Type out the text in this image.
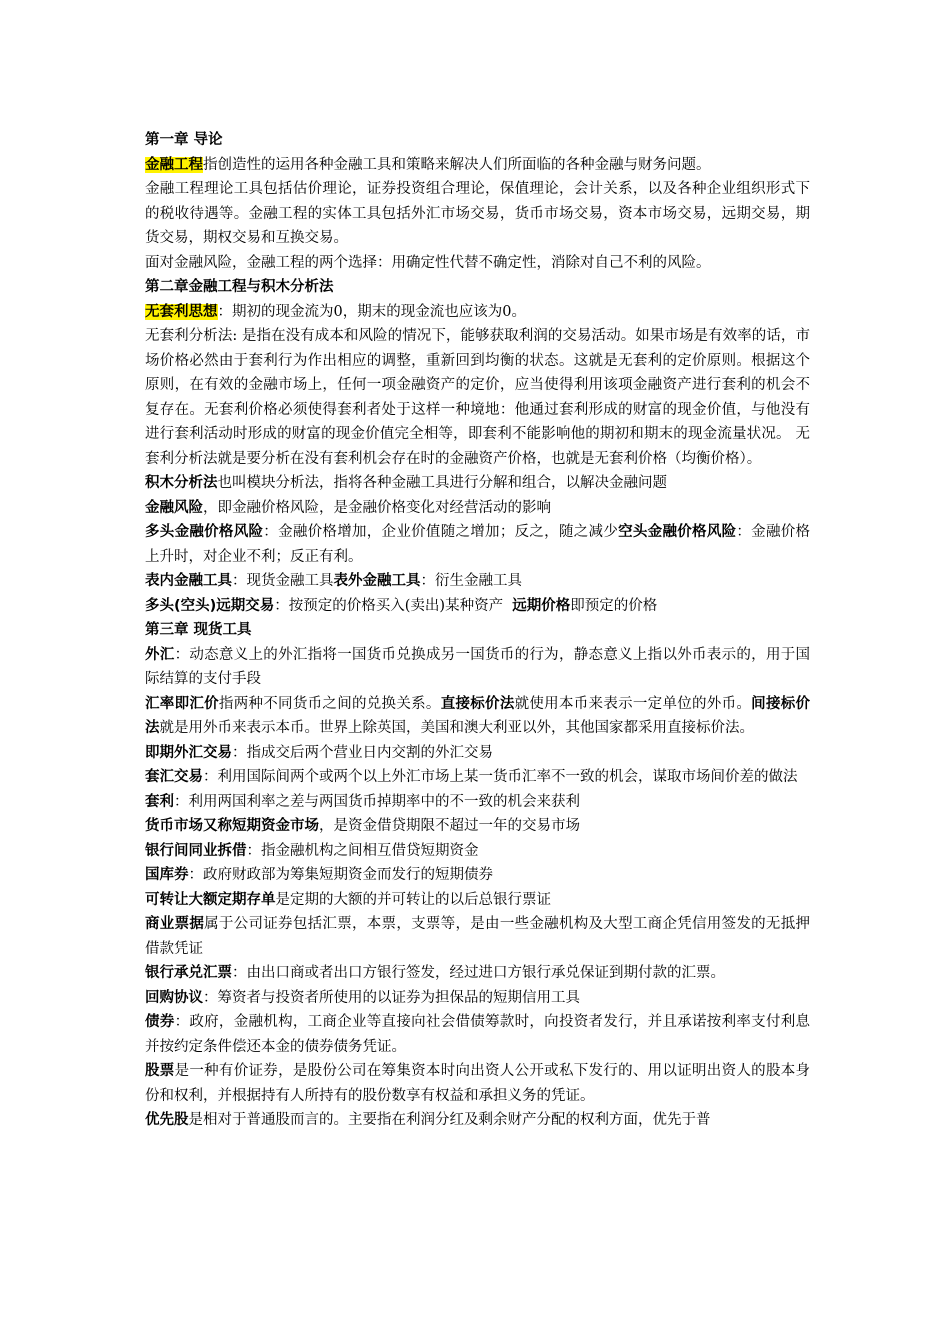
第一章 导论

金融工程指创造性的运用各种金融工具和策略来解决人们所面临的各种金融与财务问题。

金融工程理论工具包括估价理论，证券投资组合理论，保值理论，会计关系，以及各种企业组织形式下的税收待遇等。金融工程的实体工具包括外汇市场交易，货币市场交易，资本市场交易，远期交易，期货交易，期权交易和互换交易。

面对金融风险，金融工程的两个选择：用确定性代替不确定性，消除对自己不利的风险。

第二章金融工程与积木分析法

无套利思想：期初的现金流为0，期末的现金流也应该为0。

无套利分析法: 是指在没有成本和风险的情况下，能够获取利润的交易活动。如果市场是有效率的话，市场价格必然由于套利行为作出相应的调整，重新回到均衡的状态。这就是无套利的定价原则。根据这个原则，在有效的金融市场上，任何一项金融资产的定价，应当使得利用该项金融资产进行套利的机会不复存在。无套利价格必须使得套利者处于这样一种境地：他通过套利形成的财富的现金价值，与他没有进行套利活动时形成的财富的现金价值完全相等，即套利不能影响他的期初和期末的现金流量状况。 无套利分析法就是要分析在没有套利机会存在时的金融资产价格，也就是无套利价格（均衡价格）。

积木分析法也叫模块分析法，指将各种金融工具进行分解和组合，以解决金融问题

金融风险，即金融价格风险，是金融价格变化对经营活动的影响

多头金融价格风险：金融价格增加，企业价值随之增加；反之，随之减少空头金融价格风险：金融价格上升时，对企业不利；反正有利。

表内金融工具：现货金融工具表外金融工具：衍生金融工具

多头(空头)远期交易：按预定的价格买入(卖出)某种资产  远期价格即预定的价格

第三章 现货工具

外汇：动态意义上的外汇指将一国货币兑换成另一国货币的行为，静态意义上指以外币表示的，用于国际结算的支付手段

汇率即汇价指两种不同货币之间的兑换关系。直接标价法就使用本币来表示一定单位的外币。间接标价法就是用外币来表示本币。世界上除英国，美国和澳大利亚以外，其他国家都采用直接标价法。

即期外汇交易：指成交后两个营业日内交割的外汇交易

套汇交易：利用国际间两个或两个以上外汇市场上某一货币汇率不一致的机会，谋取市场间价差的做法

套利：利用两国利率之差与两国货币掉期率中的不一致的机会来获利

货币市场又称短期资金市场，是资金借贷期限不超过一年的交易市场

银行间同业拆借：指金融机构之间相互借贷短期资金

国库券：政府财政部为筹集短期资金而发行的短期债券

可转让大额定期存单是定期的大额的并可转让的以后总银行票证

商业票据属于公司证券包括汇票，本票，支票等，是由一些金融机构及大型工商企凭信用签发的无抵押借款凭证

银行承兑汇票：由出口商或者出口方银行签发，经过进口方银行承兑保证到期付款的汇票。

回购协议：筹资者与投资者所使用的以证券为担保品的短期信用工具

债券：政府，金融机构，工商企业等直接向社会借债筹款时，向投资者发行，并且承诺按利率支付利息并按约定条件偿还本金的债券债务凭证。

股票是一种有价证券，是股份公司在筹集资本时向出资人公开或私下发行的、用以证明出资人的股本身份和权利，并根据持有人所持有的股份数享有权益和承担义务的凭证。

优先股是相对于普通股而言的。主要指在利润分红及剩余财产分配的权利方面，优先于普
